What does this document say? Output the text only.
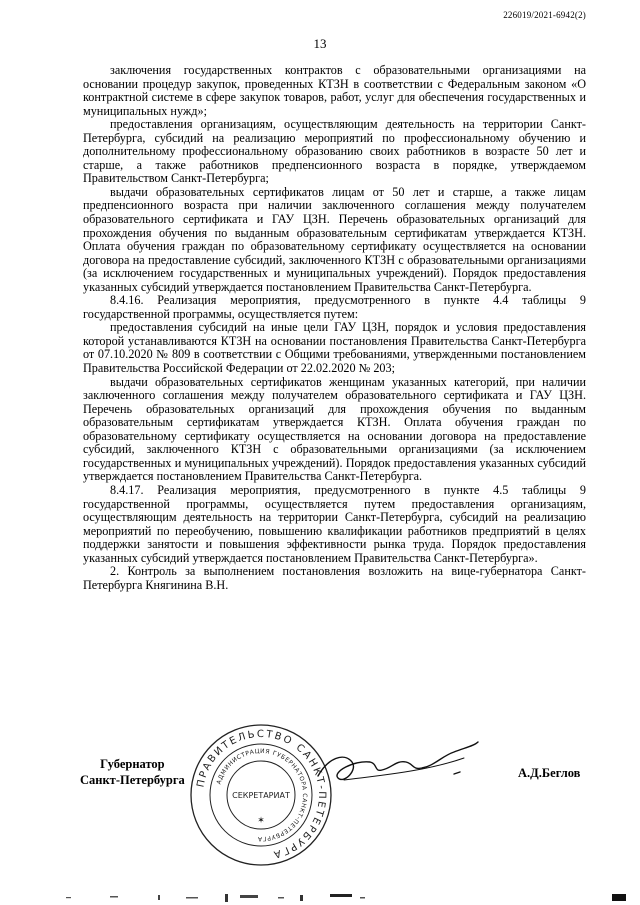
226019/2021-6942(2)
13

заключения государственных контрактов с образовательными организациями на основании процедур закупок, проведенных КТЗН в соответствии с Федеральным законом «О контрактной системе в сфере закупок товаров, работ, услуг для обеспечения государственных и муниципальных нужд»;

предоставления организациям, осуществляющим деятельность на территории Санкт-Петербурга, субсидий на реализацию мероприятий по профессиональному обучению и дополнительному профессиональному образованию своих работников в возрасте 50 лет и старше, а также работников предпенсионного возраста в порядке, утверждаемом Правительством Санкт-Петербурга;

выдачи образовательных сертификатов лицам от 50 лет и старше, а также лицам предпенсионного возраста при наличии заключенного соглашения между получателем образовательного сертификата и ГАУ ЦЗН. Перечень образовательных организаций для прохождения обучения по выданным образовательным сертификатам утверждается КТЗН. Оплата обучения граждан по образовательному сертификату осуществляется на основании договора на предоставление субсидий, заключенного КТЗН с образовательными организациями (за исключением государственных и муниципальных учреждений). Порядок предоставления указанных субсидий утверждается постановлением Правительства Санкт-Петербурга.

8.4.16. Реализация мероприятия, предусмотренного в пункте 4.4 таблицы 9 государственной программы, осуществляется путем:

предоставления субсидий на иные цели ГАУ ЦЗН, порядок и условия предоставления которой устанавливаются КТЗН на основании постановления Правительства Санкт-Петербурга от 07.10.2020 № 809 в соответствии с Общими требованиями, утвержденными постановлением Правительства Российской Федерации от 22.02.2020 № 203;

выдачи образовательных сертификатов женщинам указанных категорий, при наличии заключенного соглашения между получателем образовательного сертификата и ГАУ ЦЗН. Перечень образовательных организаций для прохождения обучения по выданным образовательным сертификатам утверждается КТЗН. Оплата обучения граждан по образовательному сертификату осуществляется на основании договора на предоставление субсидий, заключенного КТЗН с образовательными организациями (за исключением государственных и муниципальных учреждений). Порядок предоставления указанных субсидий утверждается постановлением Правительства Санкт-Петербурга.

8.4.17. Реализация мероприятия, предусмотренного в пункте 4.5 таблицы 9 государственной программы, осуществляется путем предоставления организациям, осуществляющим деятельность на территории Санкт-Петербурга, субсидий на реализацию мероприятий по переобучению, повышению квалификации работников предприятий в целях поддержки занятости и повышения эффективности рынка труда. Порядок предоставления указанных субсидий утверждается постановлением Правительства Санкт-Петербурга».

2. Контроль за выполнением постановления возложить на вице-губернатора Санкт-Петербурга Княгинина В.Н.

Губернатор
Санкт-Петербурга ПРАВИТЕЛЬСТВО САНКТ-ПЕТЕРБУРГА
АДМИНИСТРАЦИЯ ГУБЕРНАТОРА САНКТ-ПЕТЕРБУРГА
СЕКРЕТАРИАТ
✶
А.Д.Беглов
